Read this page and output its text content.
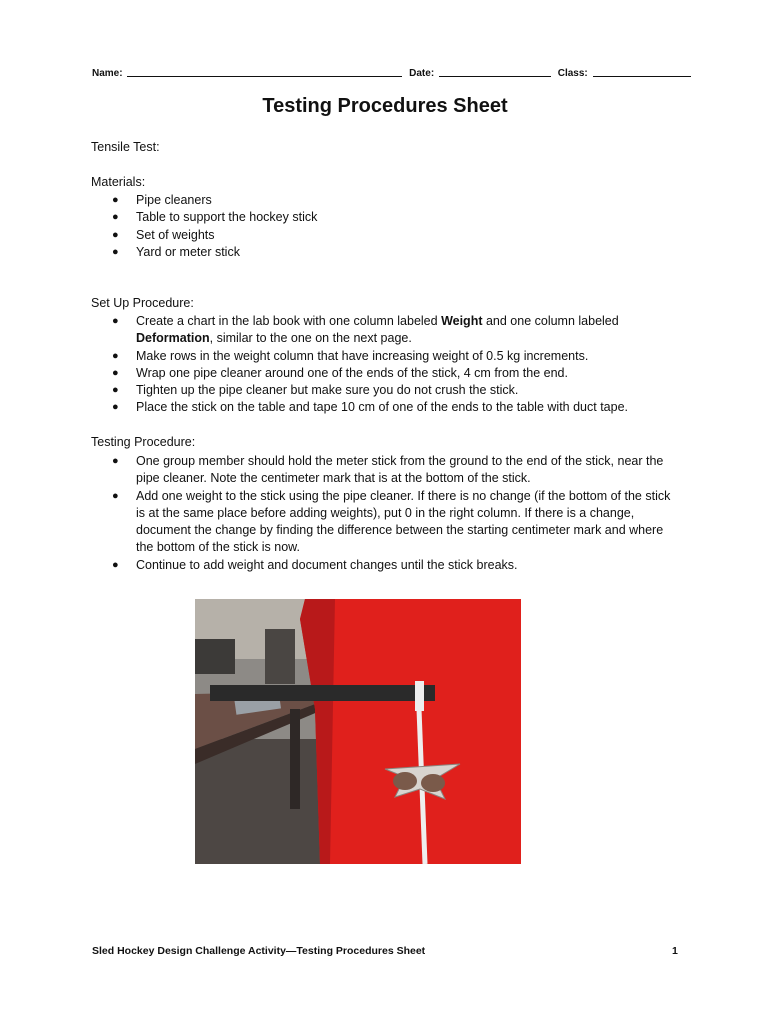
Name:	Date:	Class:
Testing Procedures Sheet
Tensile Test:
Materials:
● Pipe cleaners
● Table to support the hockey stick
● Set of weights
● Yard or meter stick
Set Up Procedure:
● Create a chart in the lab book with one column labeled Weight and one column labeled
Deformation, similar to the one on the next page.
● Make rows in the weight column that have increasing weight of 0.5 kg increments.
● Wrap one pipe cleaner around one of the ends of the stick, 4 cm from the end.
● Tighten up the pipe cleaner but make sure you do not crush the stick.
● Place the stick on the table and tape 10 cm of one of the ends to the table with duct tape.
Testing Procedure:
● One group member should hold the meter stick from the ground to the end of the stick, near the pipe cleaner. Note the centimeter mark that is at the bottom of the stick.
● Add one weight to the stick using the pipe cleaner. If there is no change (if the bottom of the stick is at the same place before adding weights), put 0 in the right column. If there is a change, document the change by finding the difference between the starting centimeter mark and where the bottom of the stick is now.
● Continue to add weight and document changes until the stick breaks.
Sled Hockey Design Challenge Activity—Testing Procedures Sheet	1
